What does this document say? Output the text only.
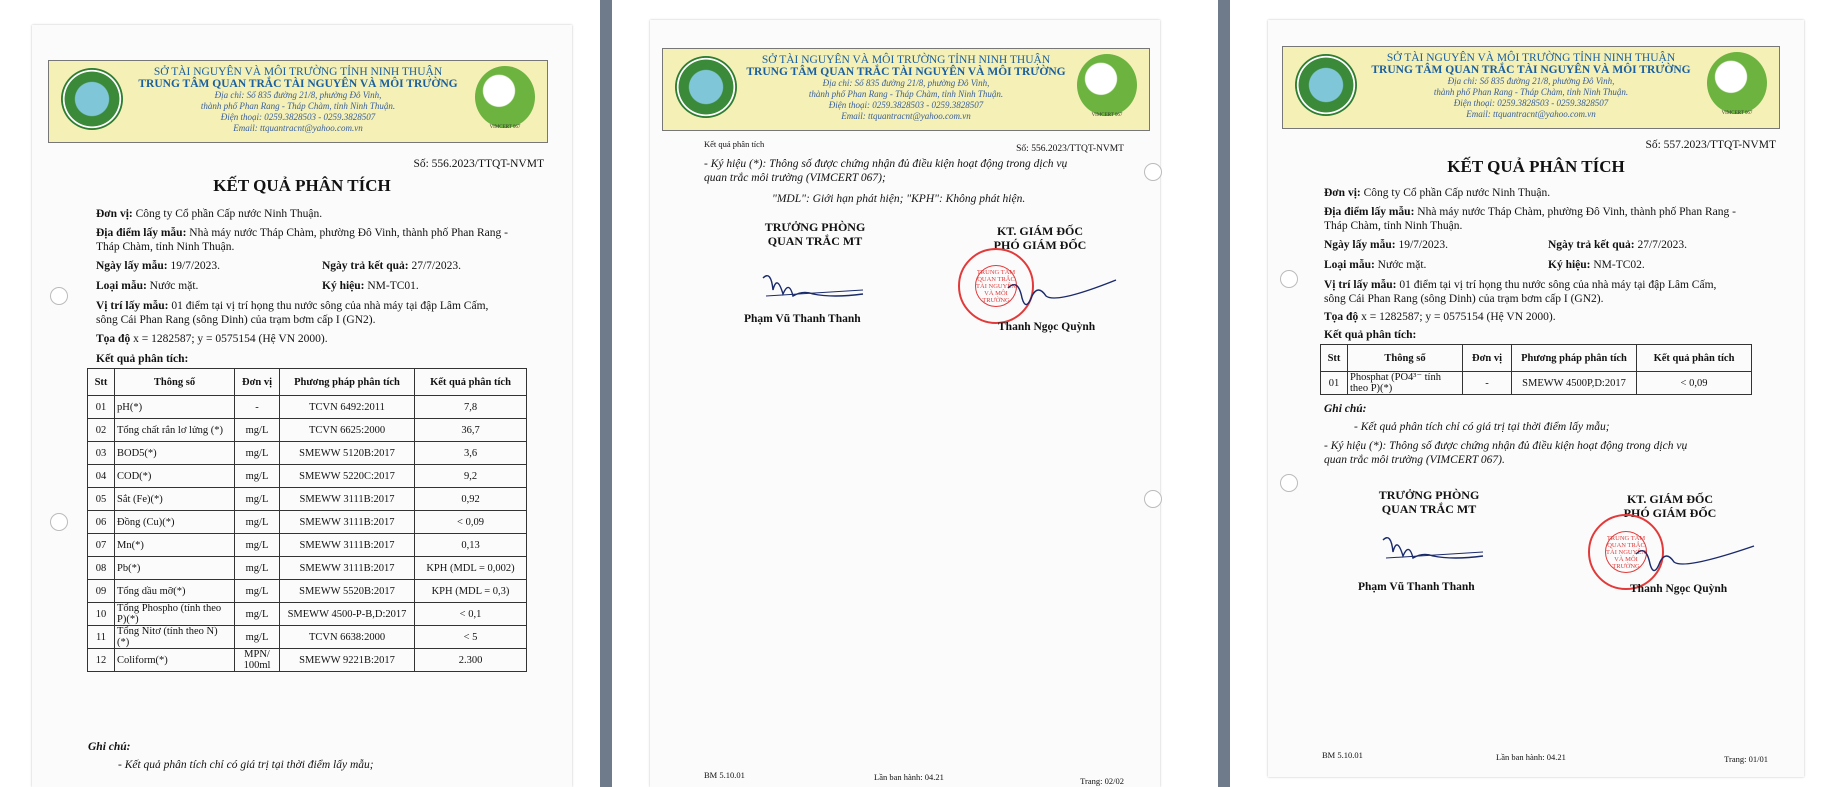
SỞ TÀI NGUYÊN VÀ MÔI TRƯỜNG TỈNH NINH THUẬN
TRUNG TÂM QUAN TRẮC TÀI NGUYÊN VÀ MÔI TRƯỜNG
Địa chỉ: Số 835 đường 21/8, phường Đô Vinh,
thành phố Phan Rang - Tháp Chàm, tỉnh Ninh Thuận.
Điện thoại: 0259.3828503 - 0259.3828507
Email: ttquantracnt@yahoo.com.vn	VIMCERT 067
Số: 556.2023/TTQT-NVMT
KẾT QUẢ PHÂN TÍCH
Đơn vị: Công ty Cổ phần Cấp nước Ninh Thuận.
Địa điểm lấy mẫu: Nhà máy nước Tháp Chàm, phường Đô Vinh, thành phố Phan Rang -
Tháp Chàm, tỉnh Ninh Thuận.
Ngày lấy mẫu: 19/7/2023.	Ngày trả kết quả: 27/7/2023.
Loại mẫu: Nước mặt.	Ký hiệu: NM-TC01.
Vị trí lấy mẫu: 01 điểm tại vị trí họng thu nước sông của nhà máy tại đập Lâm Cấm,
sông Cái Phan Rang (sông Dinh) của trạm bơm cấp I (GN2).
Tọa độ x = 1282587; y = 0575154 (Hệ VN 2000).
Kết quả phân tích:
Stt	Thông số	Đơn vị	Phương pháp phân tích	Kết quả phân tích
01	pH(*)	-	TCVN 6492:2011	7,8
02	Tổng chất rắn lơ lửng (*)	mg/L	TCVN 6625:2000	36,7
03	BOD5(*)	mg/L	SMEWW 5120B:2017	3,6
04	COD(*)	mg/L	SMEWW 5220C:2017	9,2
05	Sắt (Fe)(*)	mg/L	SMEWW 3111B:2017	0,92
06	Đồng (Cu)(*)	mg/L	SMEWW 3111B:2017	< 0,09
07	Mn(*)	mg/L	SMEWW 3111B:2017	0,13
08	Pb(*)	mg/L	SMEWW 3111B:2017	KPH (MDL = 0,002)
09	Tổng dầu mỡ(*)	mg/L	SMEWW 5520B:2017	KPH (MDL = 0,3)
10	Tổng Phospho (tính theo P)(*)	mg/L	SMEWW 4500-P-B,D:2017	< 0,1
11	Tổng Nitơ (tính theo N) (*)	mg/L	TCVN 6638:2000	< 5
12	Coliform(*)	MPN/ 100ml	SMEWW 9221B:2017	2.300
Ghi chú:
- Kết quả phân tích chỉ có giá trị tại thời điểm lấy mẫu;
SỞ TÀI NGUYÊN VÀ MÔI TRƯỜNG TỈNH NINH THUẬN
TRUNG TÂM QUAN TRẮC TÀI NGUYÊN VÀ MÔI TRƯỜNG
Địa chỉ: Số 835 đường 21/8, phường Đô Vinh,
thành phố Phan Rang - Tháp Chàm, tỉnh Ninh Thuận.
Điện thoại: 0259.3828503 - 0259.3828507
Email: ttquantracnt@yahoo.com.vn	VIMCERT 067
Kết quả phân tích	Số: 556.2023/TTQT-NVMT
- Ký hiệu (*): Thông số được chứng nhận đủ điều kiện hoạt động trong dịch vụ
quan trắc môi trường (VIMCERT 067);
"MDL": Giới hạn phát hiện; "KPH": Không phát hiện.
TRƯỞNG PHÒNG
QUAN TRẮC MT
Phạm Vũ Thanh Thanh
KT. GIÁM ĐỐC
PHÓ GIÁM ĐỐC
TRUNG TÂM QUAN TRẮC TÀI NGUYÊN VÀ MÔI TRƯỜNG
Thanh Ngọc Quỳnh
BM 5.10.01	Lần ban hành: 04.21	Trang: 02/02
SỞ TÀI NGUYÊN VÀ MÔI TRƯỜNG TỈNH NINH THUẬN
TRUNG TÂM QUAN TRẮC TÀI NGUYÊN VÀ MÔI TRƯỜNG
Địa chỉ: Số 835 đường 21/8, phường Đô Vinh,
thành phố Phan Rang - Tháp Chàm, tỉnh Ninh Thuận.
Điện thoại: 0259.3828503 - 0259.3828507
Email: ttquantracnt@yahoo.com.vn	VIMCERT 067
Số: 557.2023/TTQT-NVMT
KẾT QUẢ PHÂN TÍCH
Đơn vị: Công ty Cổ phần Cấp nước Ninh Thuận.
Địa điểm lấy mẫu: Nhà máy nước Tháp Chàm, phường Đô Vinh, thành phố Phan Rang -
Tháp Chàm, tỉnh Ninh Thuận.
Ngày lấy mẫu: 19/7/2023.	Ngày trả kết quả: 27/7/2023.
Loại mẫu: Nước mặt.	Ký hiệu: NM-TC02.
Vị trí lấy mẫu: 01 điểm tại vị trí họng thu nước sông của nhà máy tại đập Lâm Cấm,
sông Cái Phan Rang (sông Dinh) của trạm bơm cấp I (GN2).
Tọa độ x = 1282587; y = 0575154 (Hệ VN 2000).
Kết quả phân tích:
Stt	Thông số	Đơn vị	Phương pháp phân tích	Kết quả phân tích
01	Phosphat (PO4³⁻ tính theo P)(*)	-	SMEWW 4500P,D:2017	< 0,09
Ghi chú:
- Kết quả phân tích chỉ có giá trị tại thời điểm lấy mẫu;
- Ký hiệu (*): Thông số được chứng nhận đủ điều kiện hoạt động trong dịch vụ
quan trắc môi trường (VIMCERT 067).
TRƯỞNG PHÒNG
QUAN TRẮC MT
Phạm Vũ Thanh Thanh
KT. GIÁM ĐỐC
PHÓ GIÁM ĐỐC
TRUNG TÂM QUAN TRẮC TÀI NGUYÊN VÀ MÔI TRƯỜNG
Thanh Ngọc Quỳnh
BM 5.10.01	Lần ban hành: 04.21	Trang: 01/01
